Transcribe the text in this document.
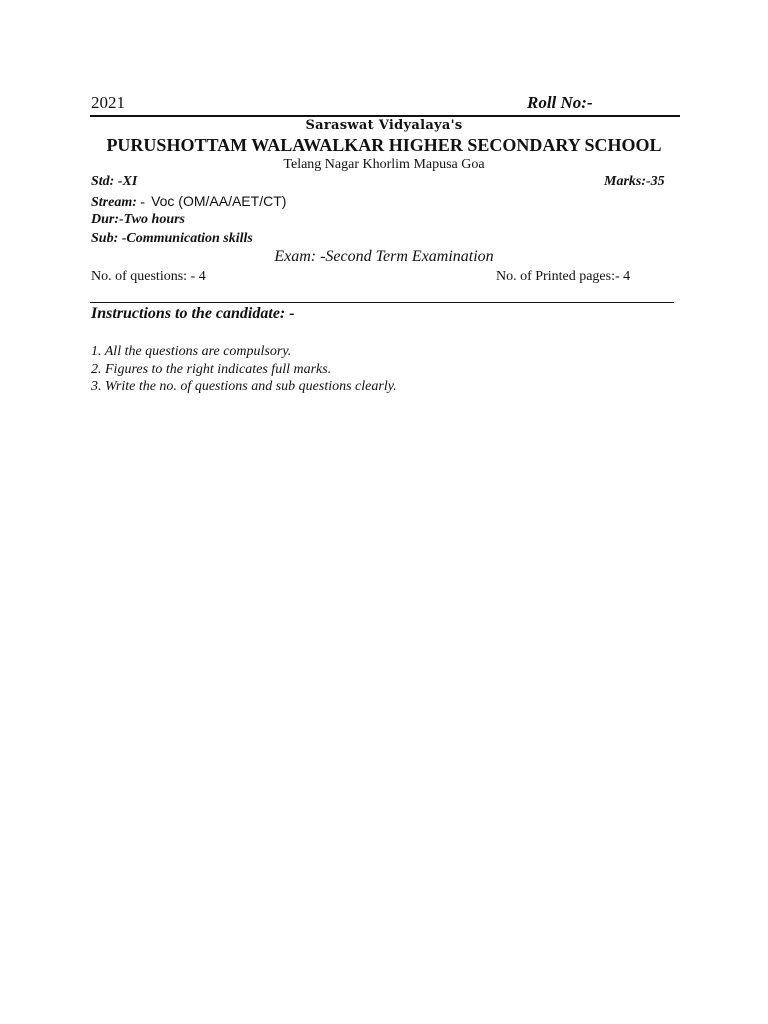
2021	Roll No:-
Saraswat Vidyalaya's
PURUSHOTTAM WALAWALKAR HIGHER SECONDARY SCHOOL
Telang Nagar Khorlim Mapusa Goa
Std: -XI	Marks:-35
Stream: - Voc (OM/AA/AET/CT)
Dur:-Two hours
Sub: -Communication skills
Exam: -Second Term Examination
No. of questions: - 4	No. of Printed pages:- 4
Instructions to the candidate: -
1. All the questions are compulsory.
2. Figures to the right indicates full marks.
3. Write the no. of questions and sub questions clearly.
